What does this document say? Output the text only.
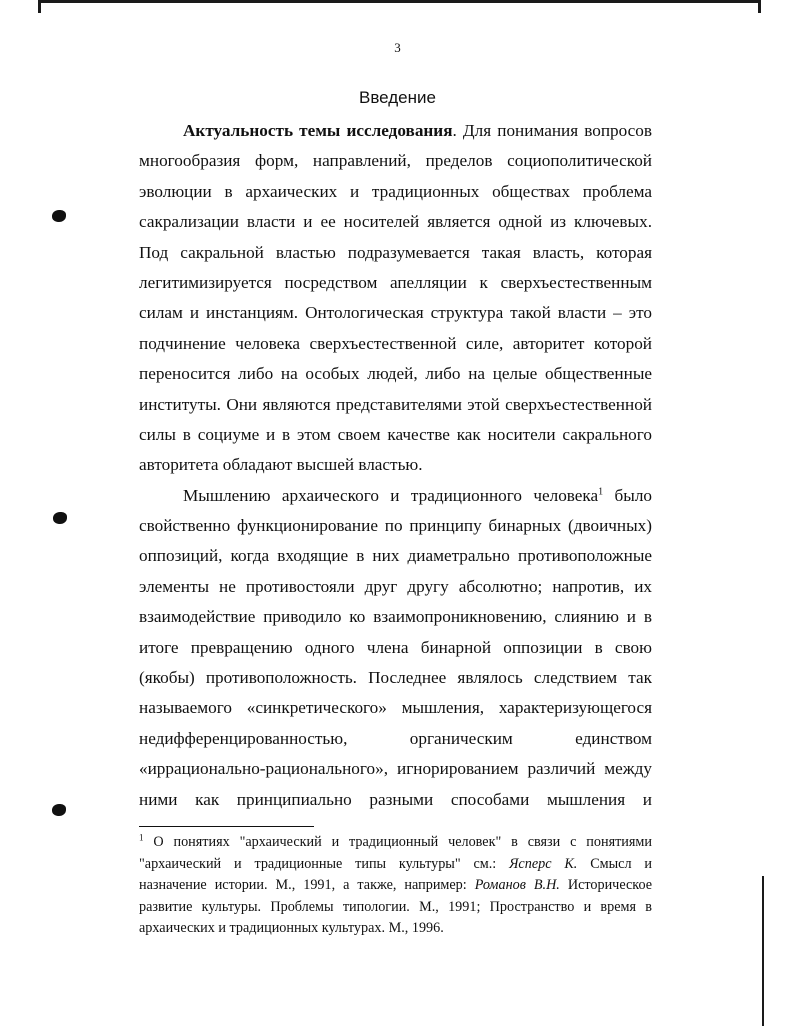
3
Введение
Актуальность темы исследования. Для понимания вопросов
многообразия форм, направлений, пределов социополитической
эволюции в архаических и традиционных обществах проблема
сакрализации власти и ее носителей является одной из ключевых.
Под сакральной властью подразумевается такая власть, которая
легитимизируется посредством апелляции к сверхъестественным
силам и инстанциям. Онтологическая структура такой власти – это
подчинение человека сверхъестественной силе, авторитет которой
переносится либо на особых людей, либо на целые общественные
институты. Они являются представителями этой сверхъестественной
силы в социуме и в этом своем качестве как носители сакрального
авторитета обладают высшей властью.
Мышлению архаического и традиционного человека$^1$ было
свойственно функционирование по принципу бинарных (двоичных)
оппозиций, когда входящие в них диаметрально противоположные
элементы не противостояли друг другу абсолютно; напротив, их
взаимодействие приводило ко взаимопроникновению, слиянию и в
итоге превращению одного члена бинарной оппозиции в свою
(якобы) противоположность. Последнее являлось следствием так
называемого «синкретического» мышления, характеризующегося
недифференцированностью, органическим единством
«иррационально-рационального», игнорированием различий между
ними как принципиально разными способами мышления и
$^1$ О понятиях "архаический и традиционный человек" в связи с понятиями
"архаический и традиционные типы культуры" см.: Ясперс К. Смысл и
назначение истории. М., 1991, а также, например: Романов В.Н. Историческое
развитие культуры. Проблемы типологии. М., 1991; Пространство и время в
архаических и традиционных культурах. М., 1996.
